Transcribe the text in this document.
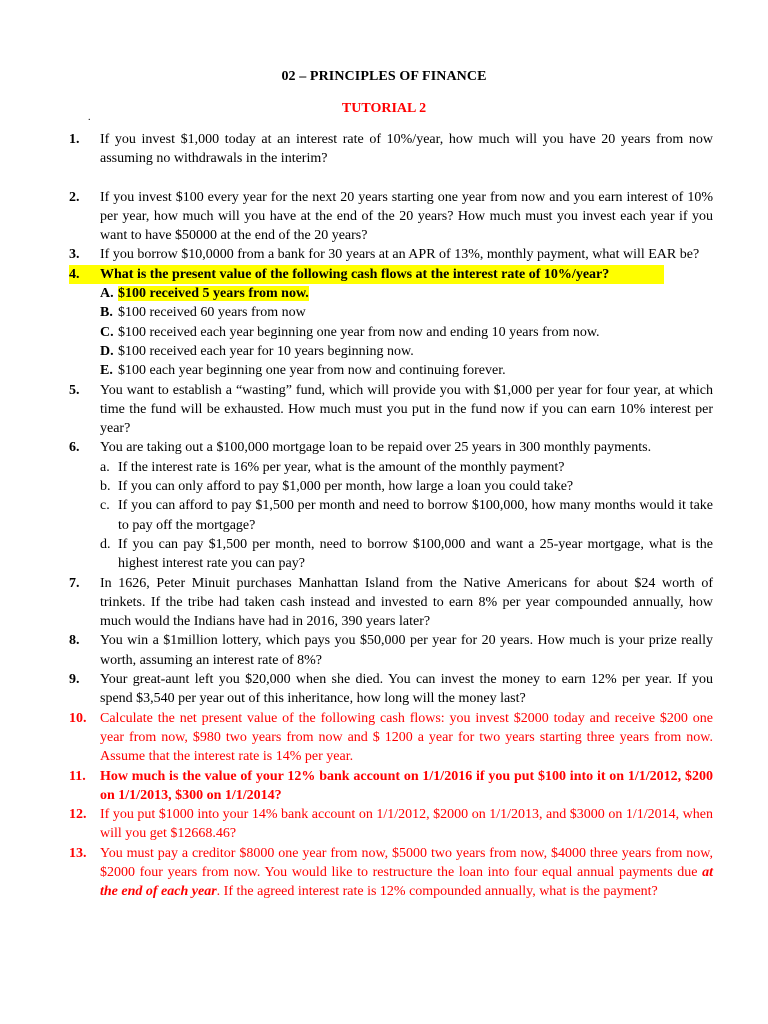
02 – PRINCIPLES OF FINANCE
TUTORIAL 2
.
1.	If you invest $1,000 today at an interest rate of 10%/year, how much will you have 20 years from now assuming no withdrawals in the interim?
2.	If you invest $100 every year for the next 20 years starting one year from now and you earn interest of 10% per year, how much will you have at the end of the 20 years? How much must you invest each year if you want to have $50000 at the end of the 20 years?
3.	If you borrow $10,0000 from a bank for 30 years at an APR of 13%, monthly payment, what will EAR be?
4.	What is the present value of the following cash flows at the interest rate of 10%/year?
A. $100 received 5 years from now.
B. $100 received 60 years from now
C. $100 received each year beginning one year from now and ending 10 years from now.
D. $100 received each year for 10 years beginning now.
E. $100 each year beginning one year from now and continuing forever.
5.	You want to establish a “wasting” fund, which will provide you with $1,000 per year for four year, at which time the fund will be exhausted. How much must you put in the fund now if you can earn 10% interest per year?
6.	You are taking out a $100,000 mortgage loan to be repaid over 25 years in 300 monthly payments.
a. If the interest rate is 16% per year, what is the amount of the monthly payment?
b. If you can only afford to pay $1,000 per month, how large a loan you could take?
c. If you can afford to pay $1,500 per month and need to borrow $100,000, how many months would it take to pay off the mortgage?
d. If you can pay $1,500 per month, need to borrow $100,000 and want a 25-year mortgage, what is the highest interest rate you can pay?
7.	In 1626, Peter Minuit purchases Manhattan Island from the Native Americans for about $24 worth of trinkets. If the tribe had taken cash instead and invested to earn 8% per year compounded annually, how much would the Indians have had in 2016, 390 years later?
8.	You win a $1million lottery, which pays you $50,000 per year for 20 years. How much is your prize really worth, assuming an interest rate of 8%?
9.	Your great-aunt left you $20,000 when she died. You can invest the money to earn 12% per year. If you spend $3,540 per year out of this inheritance, how long will the money last?
10. Calculate the net present value of the following cash flows: you invest $2000 today and receive $200 one year from now, $980 two years from now and $ 1200 a year for two years starting three years from now. Assume that the interest rate is 14% per year.
11.	How much is the value of your 12% bank account on 1/1/2016 if you put $100 into it on 1/1/2012, $200 on 1/1/2013, $300 on 1/1/2014?
12. If you put $1000 into your 14% bank account on 1/1/2012, $2000 on 1/1/2013, and $3000 on 1/1/2014, when will you get $12668.46?
13. You must pay a creditor $8000 one year from now, $5000 two years from now, $4000 three years from now, $2000 four years from now. You would like to restructure the loan into four equal annual payments due at the end of each year. If the agreed interest rate is 12% compounded annually, what is the payment?
